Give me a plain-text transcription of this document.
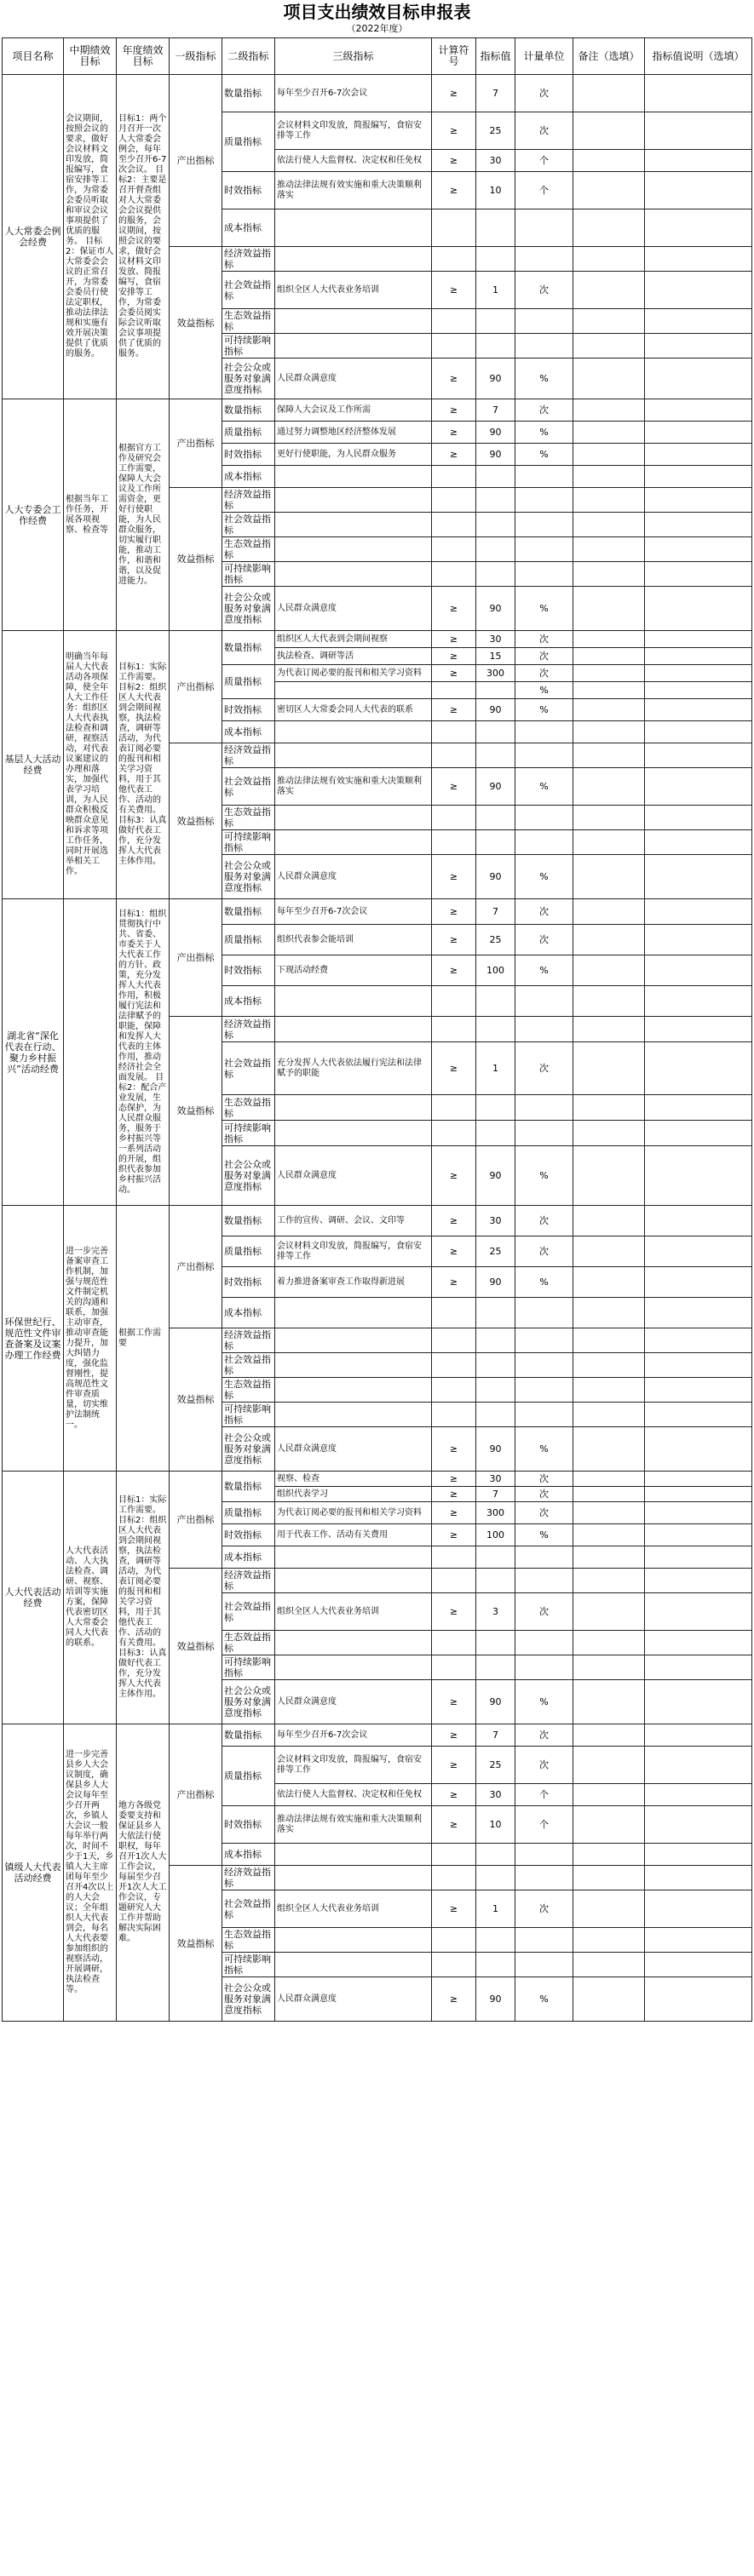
项目支出绩效目标申报表
（2022年度）
项目名称	中期绩效目标	年度绩效目标	一级指标	二级指标	三级指标	计算符号	指标值	计量单位	备注（选填）	指标值说明（选填）
人大常委会例会经费	会议期间，按照会议的要求，做好会议材料文印发放，简报编写，食宿安排等工作，为常委会委员听取和审议会议事项提供了优质的服务。 目标2：保证市人大常委会会议的正常召开，为常委会委员行使法定职权，推动法律法规和实施有效开展决策提供了优质的服务。	目标1：两个月召开一次人大常委会例会，每年至少召开6-7次会议。 目标2：主要是召开督查组对人大常委会会议提供的服务，会议期间，按照会议的要求，做好会议材料文印发放、简报编写，食宿安排等工作，为常委会委员阅实际会议听取会议事项提供了优质的服务。	产出指标	数量指标	每年至少召开6-7次会议	≥	7	次		
				质量指标	会议材料文印发放，简报编写，食宿安排等工作	≥	25	次		
					依法行使人大监督权、决定权和任免权	≥	30	个		
				时效指标	推动法律法规有效实施和重大决策顺利落实	≥	10	个		
				成本指标						
			效益指标	经济效益指标						
				社会效益指标	组织全区人大代表业务培训	≥	1	次		
				生态效益指标						
				可持续影响指标						
				社会公众或服务对象满意度指标	人民群众满意度	≥	90	%		
人大专委会工作经费	根据当年工作任务，开展各项视察、检查等	根据官方工作及研究会工作需要，保障人大会议及工作所需资金，更好行使职能，为人民群众服务，切实履行职能，推动工作，和谐和谐，以及促进能力。	产出指标	数量指标	保障人大会议及工作所需	≥	7	次		
				质量指标	通过努力调整地区经济整体发展	≥	90	%		
				时效指标	更好行使职能，为人民群众服务	≥	90	%		
				成本指标						
			效益指标	经济效益指标						
				社会效益指标						
				生态效益指标						
				可持续影响指标						
				社会公众或服务对象满意度指标	人民群众满意度	≥	90	%		
基层人大活动经费	明确当年每届人大代表活动各项保障，使全年人大工作任务：组织区人大代表执法检查和调研，视察活动，对代表议案建议的办理和落实，加强代表学习培训，为人民群众积极反映群众意见和诉求等项工作任务，同时开展选举相关工作。	目标1：实际工作需要。 目标2：组织区人大代表到会期间视察，执法检查，调研等活动，为代表订阅必要的报刊和相关学习资料，用于其他代表工作、活动的有关费用。 目标3：认真做好代表工作，充分发挥人大代表主体作用。	产出指标	数量指标	组织区人大代表到会期间视察	≥	30	次		
					执法检查、调研等活	≥	15	次		
				质量指标	为代表订阅必要的报刊和相关学习资料	≥	300	次		
								%		
				时效指标	密切区人大常委会同人大代表的联系	≥	90	%		
				成本指标						
			效益指标	经济效益指标						
				社会效益指标	推动法律法规有效实施和重大决策顺利落实	≥	90	%		
				生态效益指标						
				可持续影响指标						
				社会公众或服务对象满意度指标	人民群众满意度	≥	90	%		
湖北省“深化代表在行动、聚力乡村振兴”活动经费		目标1：组织贯彻执行中共、省委、市委关于人大代表工作的方针、政策，充分发挥人大代表作用，积极履行宪法和法律赋予的职能，保障和发挥人大代表的主体作用，推动经济社会全面发展。 目标2：配合产业发展，生态保护，为人民群众服务，服务于乡村振兴等一系列活动的开展，组织代表参加乡村振兴活动。	产出指标	数量指标	每年至少召开6-7次会议	≥	7	次		
				质量指标	组织代表参会能培训	≥	25	次		
				时效指标	下现活动经费	≥	100	%		
				成本指标						
			效益指标	经济效益指标						
				社会效益指标	充分发挥人大代表依法履行宪法和法律赋予的职能	≥	1	次		
				生态效益指标						
				可持续影响指标						
				社会公众或服务对象满意度指标	人民群众满意度	≥	90	%		
环保世纪行、规范性文件审查备案及议案办理工作经费	进一步完善备案审查工作机制，加强与规范性文件制定机关的沟通和联系，加强主动审查，推动审查能力提升，加大纠错力度，强化监督刚性，提高规范性文件审查质量，切实维护法制统一。	根据工作需要	产出指标	数量指标	工作的宣传、调研、会议、文印等	≥	30	次		
				质量指标	会议材料文印发放，简报编写，食宿安排等工作	≥	25	次		
				时效指标	着力推进备案审查工作取得新进展	≥	90	%		
				成本指标						
			效益指标	经济效益指标						
				社会效益指标						
				生态效益指标						
				可持续影响指标						
				社会公众或服务对象满意度指标	人民群众满意度	≥	90	%		
人大代表活动经费	人大代表活动、人大执法检查、调研、视察、培训等实施方案，保障代表密切区人大常委会同人大代表的联系。	目标1：实际工作需要。 目标2：组织区人大代表到会期间视察，执法检查，调研等活动，为代表订阅必要的报刊和相关学习资料，用于其他代表工作、活动的有关费用。 目标3：认真做好代表工作，充分发挥人大代表主体作用。	产出指标	数量指标	视察、检查	≥	30	次		
					组织代表学习	≥	7	次		
				质量指标	为代表订阅必要的报刊和相关学习资料	≥	300	次		
				时效指标	用于代表工作、活动有关费用	≥	100	%		
				成本指标						
			效益指标	经济效益指标						
				社会效益指标	组织全区人大代表业务培训	≥	3	次		
				生态效益指标						
				可持续影响指标						
				社会公众或服务对象满意度指标	人民群众满意度	≥	90	%		
镇级人大代表活动经费	进一步完善县乡人大会议制度，确保县乡人大会议每年至少召开两次，乡镇人大会议一般每年举行两次，时间不少于1天，乡镇人大主席团每年至少召开4次以上的人大会议；全年组织人大代表到会，每名人大代表要参加组织的视察活动，开展调研，执法检查等。	地方各级党委要支持和保证县乡人大依法行使职权，每年召开1次人大工作会议，每届至少召开1次人大工作会议，专题研究人大工作并帮助解决实际困难。	产出指标	数量指标	每年至少召开6-7次会议	≥	7	次		
				质量指标	会议材料文印发放，简报编写，食宿安排等工作	≥	25	次		
					依法行使人大监督权、决定权和任免权	≥	30	个		
				时效指标	推动法律法规有效实施和重大决策顺利落实	≥	10	个		
				成本指标						
			效益指标	经济效益指标						
				社会效益指标	组织全区人大代表业务培训	≥	1	次		
				生态效益指标						
				可持续影响指标						
				社会公众或服务对象满意度指标	人民群众满意度	≥	90	%		
